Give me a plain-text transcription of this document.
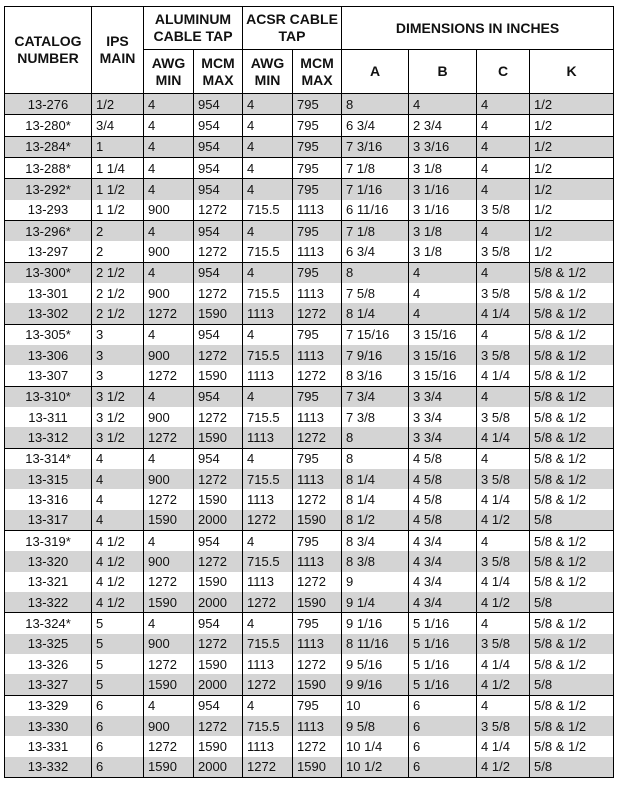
CATALOG NUMBER	IPS MAIN	ALUMINUM CABLE TAP		ACSR CABLE TAP		DIMENSIONS IN INCHES			
		AWG MIN	MCM MAX	AWG MIN	MCM MAX	A	B	C	K
13-276	1/2	4	954	4	795	8	4	4	1/2
13-280*	3/4	4	954	4	795	6 3/4	2 3/4	4	1/2
13-284*	1	4	954	4	795	7 3/16	3 3/16	4	1/2
13-288*	1 1/4	4	954	4	795	7 1/8	3 1/8	4	1/2
13-292*	1 1/2	4	954	4	795	7 1/16	3 1/16	4	1/2
13-293	1 1/2	900	1272	715.5	1113	6 11/16	3 1/16	3 5/8	1/2
13-296*	2	4	954	4	795	7 1/8	3 1/8	4	1/2
13-297	2	900	1272	715.5	1113	6 3/4	3 1/8	3 5/8	1/2
13-300*	2 1/2	4	954	4	795	8	4	4	5/8 & 1/2
13-301	2 1/2	900	1272	715.5	1113	7 5/8	4	3 5/8	5/8 & 1/2
13-302	2 1/2	1272	1590	1113	1272	8 1/4	4	4 1/4	5/8 & 1/2
13-305*	3	4	954	4	795	7 15/16	3 15/16	4	5/8 & 1/2
13-306	3	900	1272	715.5	1113	7 9/16	3 15/16	3 5/8	5/8 & 1/2
13-307	3	1272	1590	1113	1272	8 3/16	3 15/16	4 1/4	5/8 & 1/2
13-310*	3 1/2	4	954	4	795	7 3/4	3 3/4	4	5/8 & 1/2
13-311	3 1/2	900	1272	715.5	1113	7 3/8	3 3/4	3 5/8	5/8 & 1/2
13-312	3 1/2	1272	1590	1113	1272	8	3 3/4	4 1/4	5/8 & 1/2
13-314*	4	4	954	4	795	8	4 5/8	4	5/8 & 1/2
13-315	4	900	1272	715.5	1113	8 1/4	4 5/8	3 5/8	5/8 & 1/2
13-316	4	1272	1590	1113	1272	8 1/4	4 5/8	4 1/4	5/8 & 1/2
13-317	4	1590	2000	1272	1590	8 1/2	4 5/8	4 1/2	5/8
13-319*	4 1/2	4	954	4	795	8 3/4	4 3/4	4	5/8 & 1/2
13-320	4 1/2	900	1272	715.5	1113	8 3/8	4 3/4	3 5/8	5/8 & 1/2
13-321	4 1/2	1272	1590	1113	1272	9	4 3/4	4 1/4	5/8 & 1/2
13-322	4 1/2	1590	2000	1272	1590	9 1/4	4 3/4	4 1/2	5/8
13-324*	5	4	954	4	795	9 1/16	5 1/16	4	5/8 & 1/2
13-325	5	900	1272	715.5	1113	8 11/16	5 1/16	3 5/8	5/8 & 1/2
13-326	5	1272	1590	1113	1272	9 5/16	5 1/16	4 1/4	5/8 & 1/2
13-327	5	1590	2000	1272	1590	9 9/16	5 1/16	4 1/2	5/8
13-329	6	4	954	4	795	10	6	4	5/8 & 1/2
13-330	6	900	1272	715.5	1113	9 5/8	6	3 5/8	5/8 & 1/2
13-331	6	1272	1590	1113	1272	10 1/4	6	4 1/4	5/8 & 1/2
13-332	6	1590	2000	1272	1590	10 1/2	6	4 1/2	5/8
